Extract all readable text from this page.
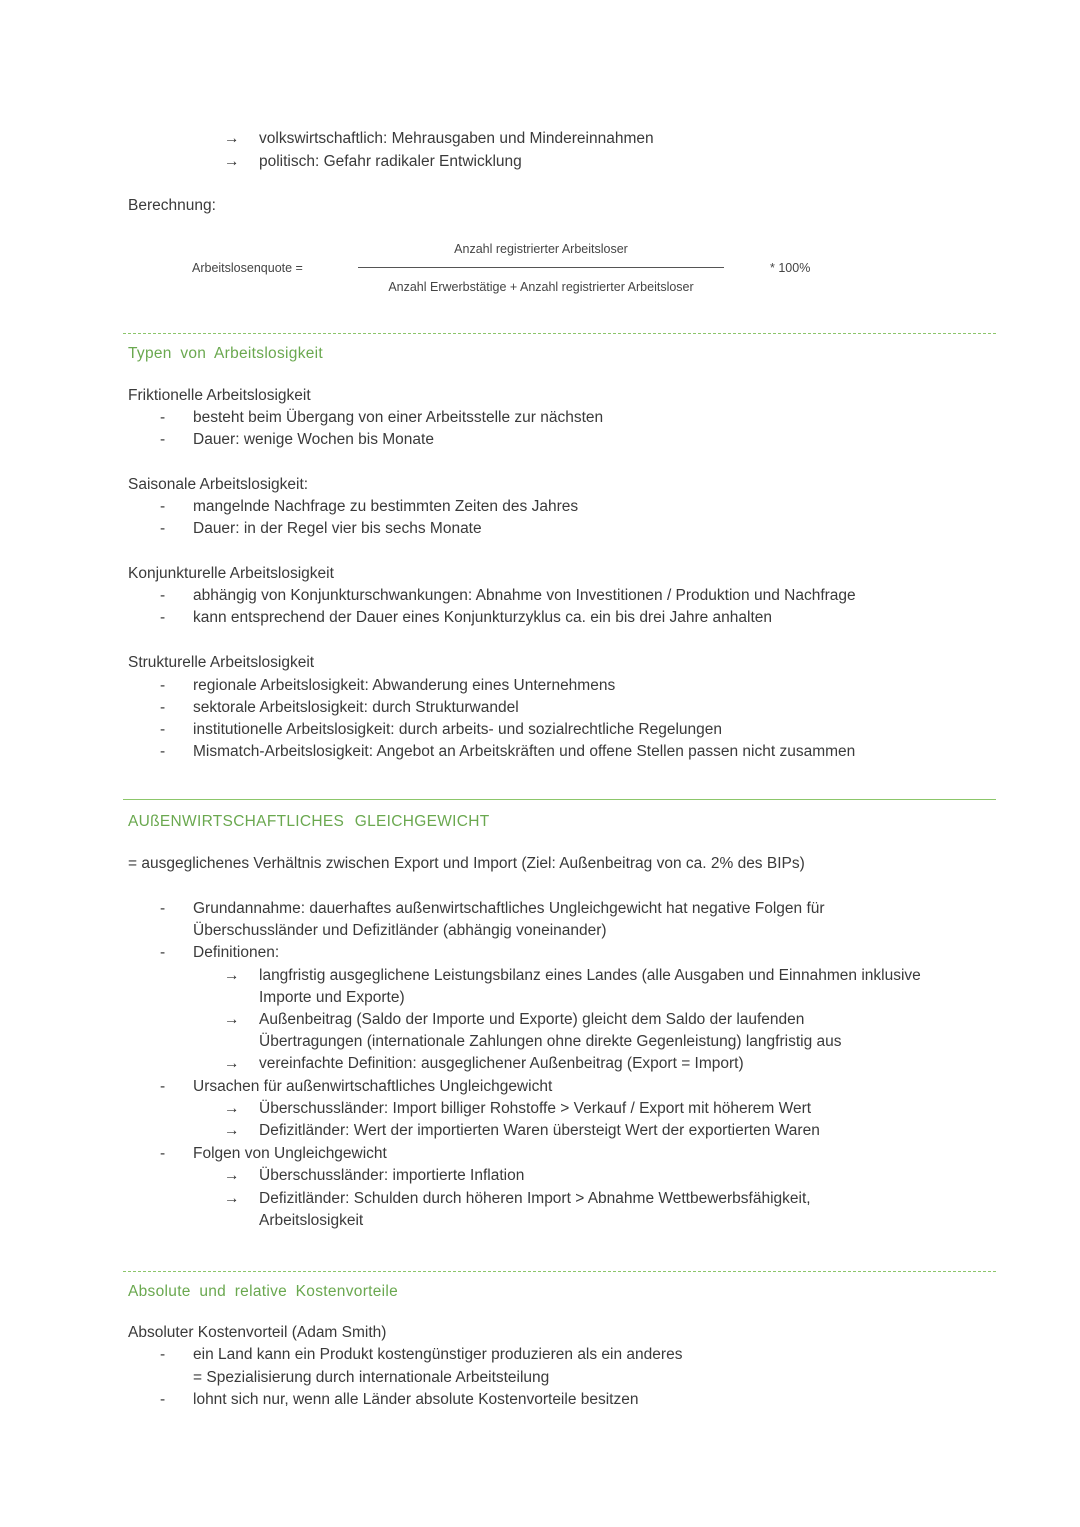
→	volkswirtschaftlich: Mehrausgaben und Mindereinnahmen
→	politisch: Gefahr radikaler Entwicklung
Berechnung:
Arbeitslosenquote =
Anzahl registrierter Arbeitsloser
Anzahl Erwerbstätige + Anzahl registrierter Arbeitsloser
* 100%
Typen von Arbeitslosigkeit
Friktionelle Arbeitslosigkeit
- besteht beim Übergang von einer Arbeitsstelle zur nächsten
- Dauer: wenige Wochen bis Monate
Saisonale Arbeitslosigkeit:
- mangelnde Nachfrage zu bestimmten Zeiten des Jahres
- Dauer: in der Regel vier bis sechs Monate
Konjunkturelle Arbeitslosigkeit
- abhängig von Konjunkturschwankungen: Abnahme von Investitionen / Produktion und Nachfrage
- kann entsprechend der Dauer eines Konjunkturzyklus ca. ein bis drei Jahre anhalten
Strukturelle Arbeitslosigkeit
- regionale Arbeitslosigkeit: Abwanderung eines Unternehmens
- sektorale Arbeitslosigkeit: durch Strukturwandel
- institutionelle Arbeitslosigkeit: durch arbeits- und sozialrechtliche Regelungen
- Mismatch-Arbeitslosigkeit: Angebot an Arbeitskräften und offene Stellen passen nicht zusammen
AUßENWIRTSCHAFTLICHES GLEICHGEWICHT
= ausgeglichenes Verhältnis zwischen Export und Import (Ziel: Außenbeitrag von ca. 2% des BIPs)
- Grundannahme: dauerhaftes außenwirtschaftliches Ungleichgewicht hat negative Folgen für
Überschussländer und Defizitländer (abhängig voneinander)
- Definitionen:
→	langfristig ausgeglichene Leistungsbilanz eines Landes (alle Ausgaben und Einnahmen inklusive
Importe und Exporte)
→	Außenbeitrag (Saldo der Importe und Exporte) gleicht dem Saldo der laufenden
Übertragungen (internationale Zahlungen ohne direkte Gegenleistung) langfristig aus
→	vereinfachte Definition: ausgeglichener Außenbeitrag (Export = Import)
- Ursachen für außenwirtschaftliches Ungleichgewicht
→	Überschussländer: Import billiger Rohstoffe > Verkauf / Export mit höherem Wert
→	Defizitländer: Wert der importierten Waren übersteigt Wert der exportierten Waren
- Folgen von Ungleichgewicht
→	Überschussländer: importierte Inflation
→	Defizitländer: Schulden durch höheren Import > Abnahme Wettbewerbsfähigkeit,
Arbeitslosigkeit
Absolute und relative Kostenvorteile
Absoluter Kostenvorteil (Adam Smith)
- ein Land kann ein Produkt kostengünstiger produzieren als ein anderes
= Spezialisierung durch internationale Arbeitsteilung
- lohnt sich nur, wenn alle Länder absolute Kostenvorteile besitzen
